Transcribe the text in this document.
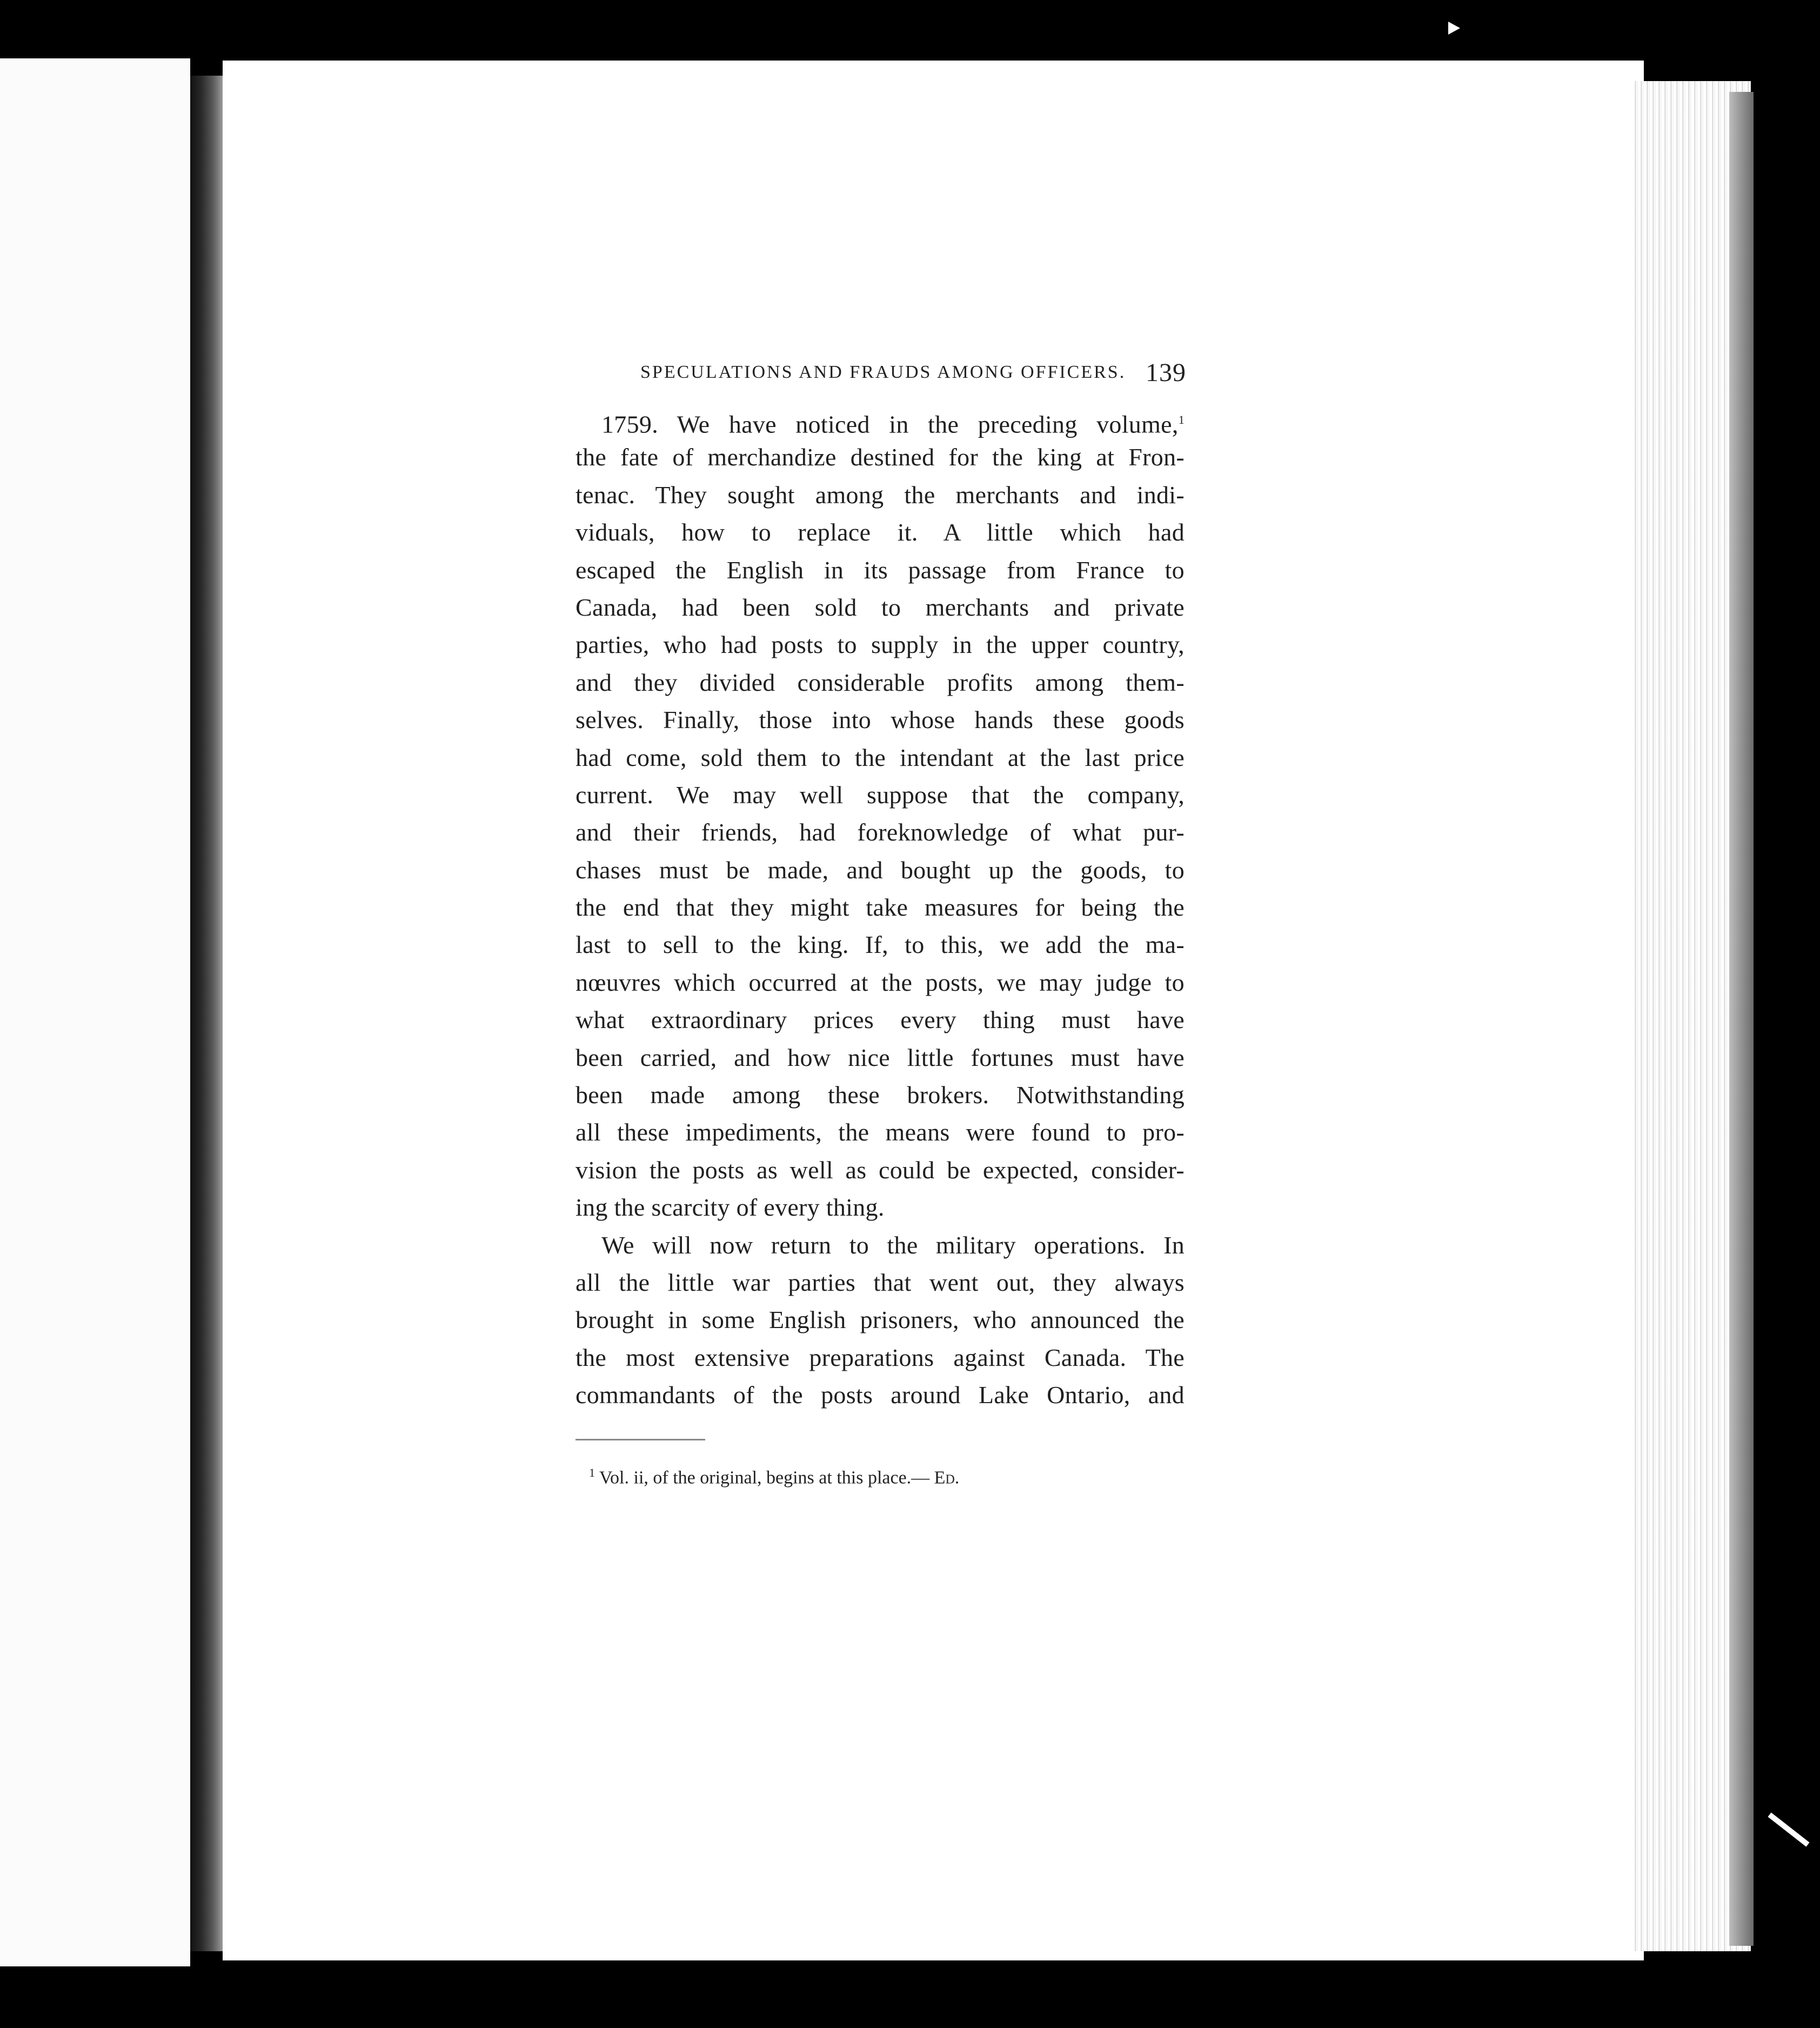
SPECULATIONS AND FRAUDS AMONG OFFICERS. 139
1759. We have noticed in the preceding volume,$^1$
the fate of merchandize destined for the king at Fron-
tenac. They sought among the merchants and indi-
viduals, how to replace it. A little which had
escaped the English in its passage from France to
Canada, had been sold to merchants and private
parties, who had posts to supply in the upper country,
and they divided considerable profits among them-
selves. Finally, those into whose hands these goods
had come, sold them to the intendant at the last price
current. We may well suppose that the company,
and their friends, had foreknowledge of what pur-
chases must be made, and bought up the goods, to
the end that they might take measures for being the
last to sell to the king. If, to this, we add the ma-
nœuvres which occurred at the posts, we may judge to
what extraordinary prices every thing must have
been carried, and how nice little fortunes must have
been made among these brokers. Notwithstanding
all these impediments, the means were found to pro-
vision the posts as well as could be expected, consider-
ing the scarcity of every thing.
We will now return to the military operations. In
all the little war parties that went out, they always
brought in some English prisoners, who announced the
the most extensive preparations against Canada. The
commandants of the posts around Lake Ontario, and
$^1$ Vol. ii, of the original, begins at this place.— Ed.
